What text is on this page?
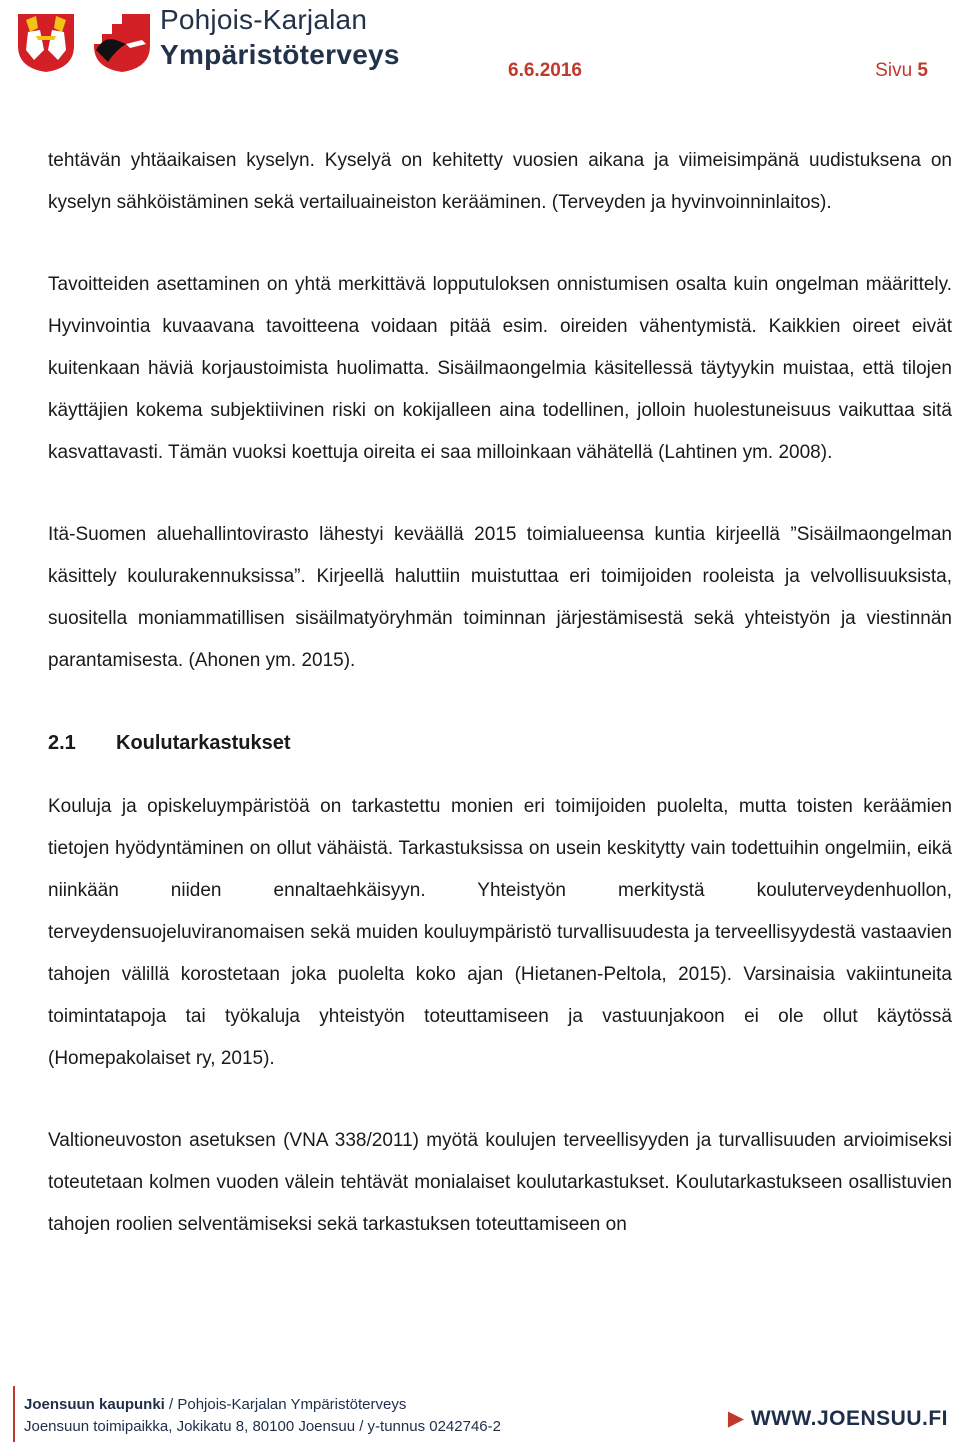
Pohjois-Karjalan
Ympäristöterveys
6.6.2016	Sivu 5

tehtävän yhtäaikaisen kyselyn. Kyselyä on kehitetty vuosien aikana ja viimeisimpänä uudistuksena on kyselyn sähköistäminen sekä vertailuaineiston kerääminen. (Terveyden ja hyvinvoinninlaitos).

Tavoitteiden asettaminen on yhtä merkittävä lopputuloksen onnistumisen osalta kuin ongelman määrittely. Hyvinvointia kuvaavana tavoitteena voidaan pitää esim. oireiden vähentymistä. Kaikkien oireet eivät kuitenkaan häviä korjaustoimista huolimatta. Sisäilmaongelmia käsitellessä täytyykin muistaa, että tilojen käyttäjien kokema subjektiivinen riski on kokijalleen aina todellinen, jolloin huolestuneisuus vaikuttaa sitä kasvattavasti. Tämän vuoksi koettuja oireita ei saa milloinkaan vähätellä (Lahtinen ym. 2008).

Itä-Suomen aluehallintovirasto lähestyi keväällä 2015 toimialueensa kuntia kirjeellä ”Sisäilmaongelman käsittely koulurakennuksissa”. Kirjeellä haluttiin muistuttaa eri toimijoiden rooleista ja velvollisuuksista, suositella moniammatillisen sisäilmatyöryhmän toiminnan järjestämisestä sekä yhteistyön ja viestinnän parantamisesta. (Ahonen ym. 2015).

2.1 Koulutarkastukset

Kouluja ja opiskeluympäristöä on tarkastettu monien eri toimijoiden puolelta, mutta toisten keräämien tietojen hyödyntäminen on ollut vähäistä. Tarkastuksissa on usein keskitytty vain todettuihin ongelmiin, eikä niinkään niiden ennaltaehkäisyyn. Yhteistyön merkitystä kouluterveydenhuollon, terveydensuojeluviranomaisen sekä muiden kouluympäristö turvallisuudesta ja terveellisyydestä vastaavien tahojen välillä korostetaan joka puolelta koko ajan (Hietanen-Peltola, 2015). Varsinaisia vakiintuneita toimintatapoja tai työkaluja yhteistyön toteuttamiseen ja vastuunjakoon ei ole ollut käytössä (Homepakolaiset ry, 2015).

Valtioneuvoston asetuksen (VNA 338/2011) myötä koulujen terveellisyyden ja turvallisuuden arvioimiseksi toteutetaan kolmen vuoden välein tehtävät monialaiset koulutarkastukset. Koulutarkastukseen osallistuvien tahojen roolien selventämiseksi sekä tarkastuksen toteuttamiseen on

Joensuun kaupunki / Pohjois-Karjalan Ympäristöterveys
Joensuun toimipaikka, Jokikatu 8, 80100 Joensuu / y-tunnus 0242746-2	▶ WWW.JOENSUU.FI
